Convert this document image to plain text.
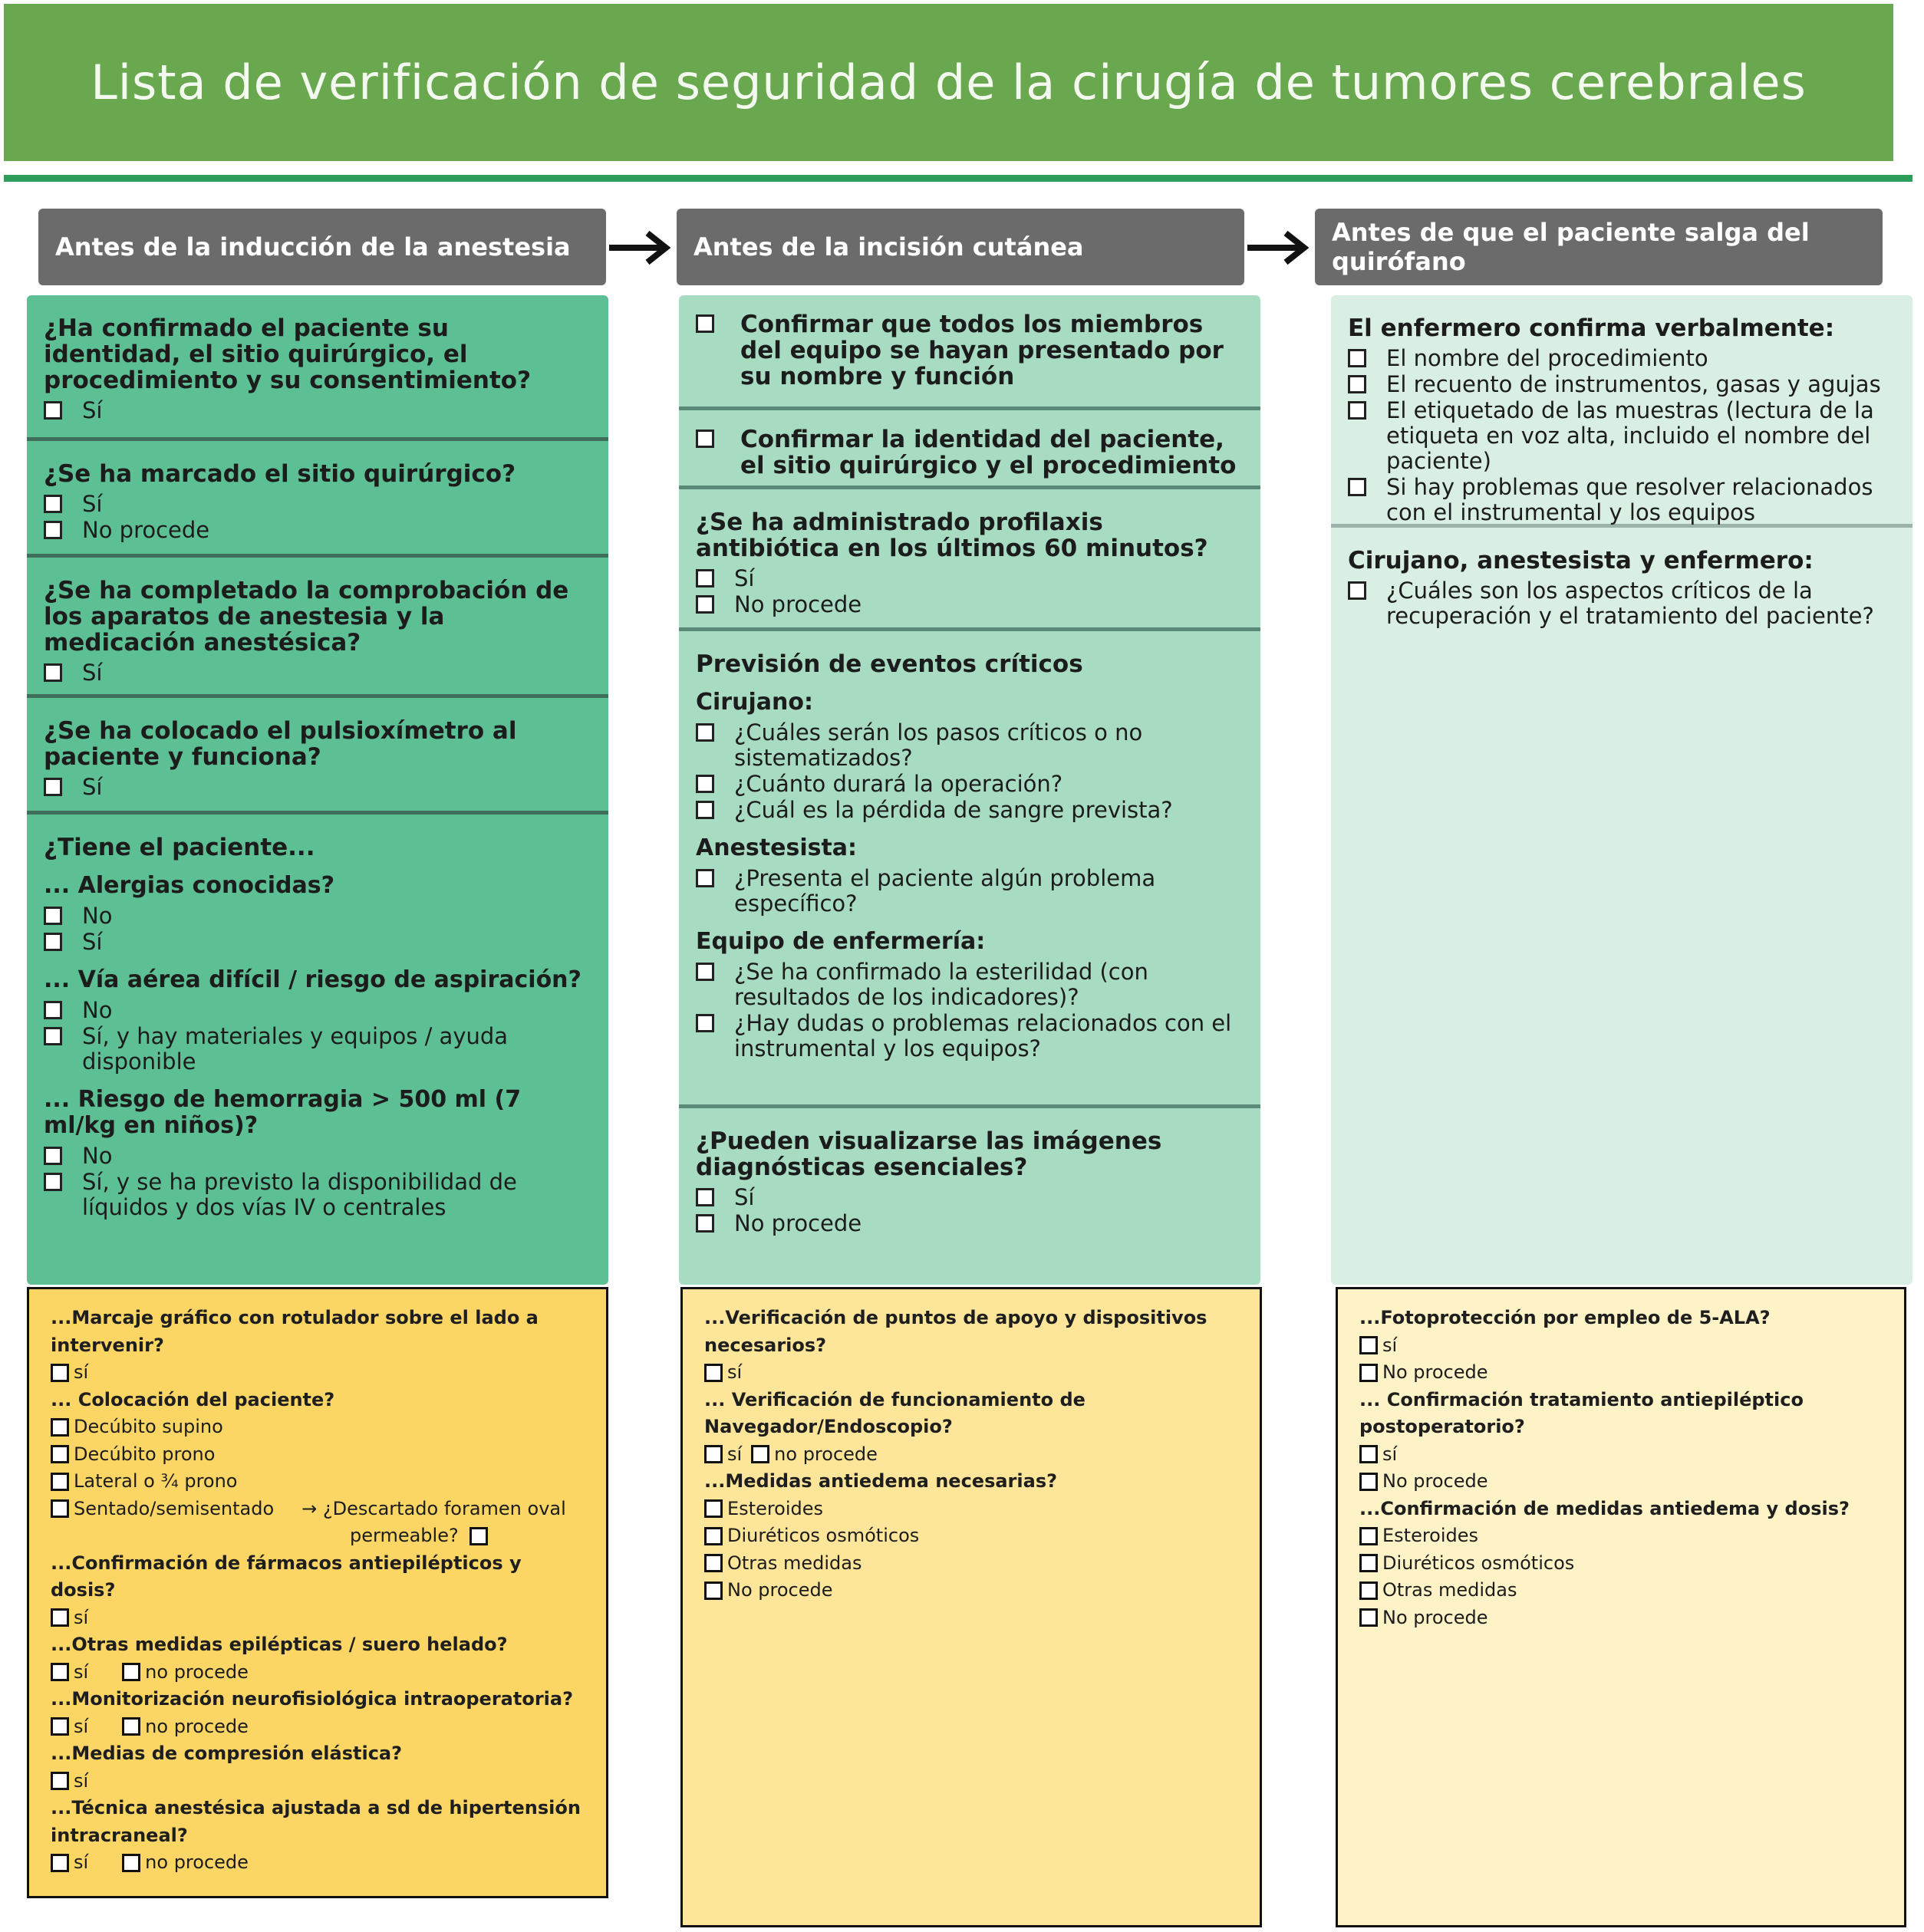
Lista de verificación de seguridad de la cirugía de tumores cerebrales
Antes de la inducción de la anestesia	Antes de la incisión cutánea	Antes de que el paciente salga del quirófano
¿Ha confirmado el paciente su identidad, el sitio quirúrgico, el procedimiento y su consentimiento?
Sí
¿Se ha marcado el sitio quirúrgico?
Sí
No procede
¿Se ha completado la comprobación de los aparatos de anestesia y la medicación anestésica?
Sí
¿Se ha colocado el pulsioxímetro al paciente y funciona?
Sí
¿Tiene el paciente...
... Alergias conocidas?
No
Sí
... Vía aérea difícil / riesgo de aspiración?
No
Sí, y hay materiales y equipos / ayuda disponible
... Riesgo de hemorragia > 500 ml (7 ml/kg en niños)?
No
Sí, y se ha previsto la disponibilidad de líquidos y dos vías IV o centrales
Confirmar que todos los miembros del equipo se hayan presentado por su nombre y función
Confirmar la identidad del paciente, el sitio quirúrgico y el procedimiento
¿Se ha administrado profilaxis antibiótica en los últimos 60 minutos?
Sí
No procede
Previsión de eventos críticos
Cirujano:
¿Cuáles serán los pasos críticos o no sistematizados?
¿Cuánto durará la operación?
¿Cuál es la pérdida de sangre prevista?
Anestesista:
¿Presenta el paciente algún problema específico?
Equipo de enfermería:
¿Se ha confirmado la esterilidad (con resultados de los indicadores)?
¿Hay dudas o problemas relacionados con el instrumental y los equipos?
¿Pueden visualizarse las imágenes diagnósticas esenciales?
Sí
No procede
El enfermero confirma verbalmente:
El nombre del procedimiento
El recuento de instrumentos, gasas y agujas
El etiquetado de las muestras (lectura de la etiqueta en voz alta, incluido el nombre del paciente)
Si hay problemas que resolver relacionados con el instrumental y los equipos
Cirujano, anestesista y enfermero:
¿Cuáles son los aspectos críticos de la recuperación y el tratamiento del paciente?
...Marcaje gráfico con rotulador sobre el lado a intervenir?
sí
... Colocación del paciente?
Decúbito supino
Decúbito prono
Lateral o ¾ prono
Sentado/semisentado → ¿Descartado foramen oval
permeable?
...Confirmación de fármacos antiepilépticos y dosis?
sí
...Otras medidas epilépticas / suero helado?
sí	no procede
...Monitorización neurofisiológica intraoperatoria?
sí	no procede
...Medias de compresión elástica?
sí
...Técnica anestésica ajustada a sd de hipertensión intracraneal?
sí	no procede
...Verificación de puntos de apoyo y dispositivos necesarios?
sí
... Verificación de funcionamiento de Navegador/Endoscopio?
sí no procede
...Medidas antiedema necesarias?
Esteroides
Diuréticos osmóticos
Otras medidas
No procede
...Fotoprotección por empleo de 5-ALA?
sí
No procede
... Confirmación tratamiento antiepiléptico postoperatorio?
sí
No procede
...Confirmación de medidas antiedema y dosis?
Esteroides
Diuréticos osmóticos
Otras medidas
No procede
